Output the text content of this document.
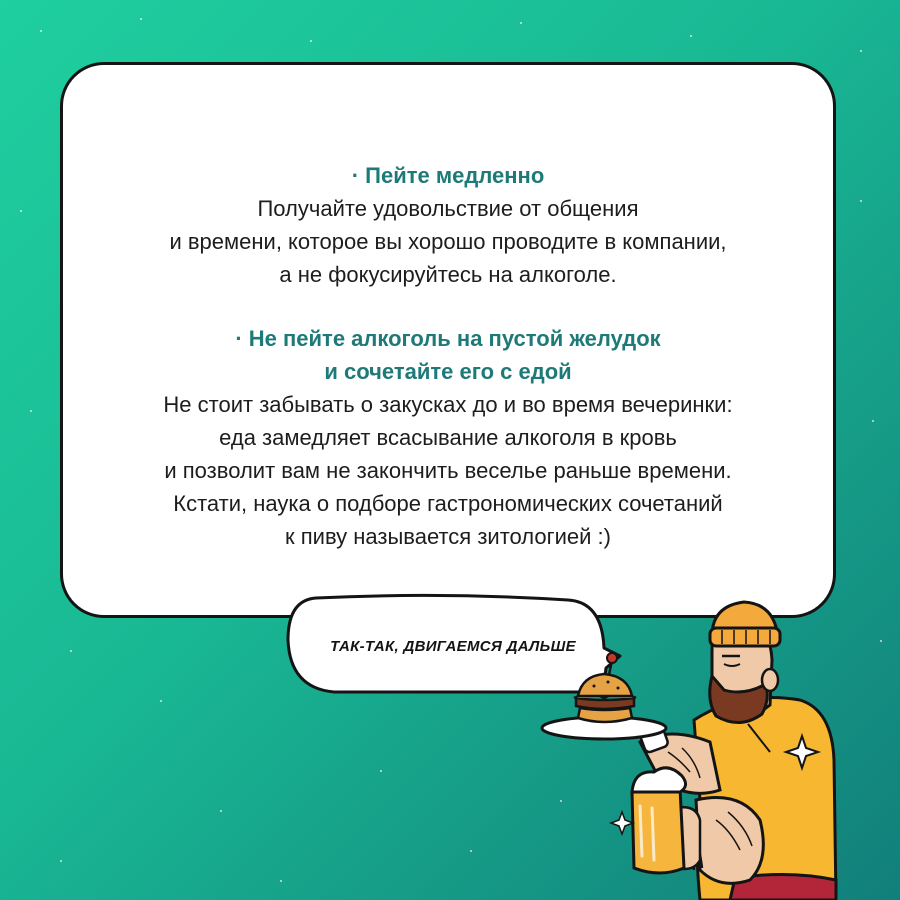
· Пейте медленно
Получайте удовольствие от общения
и времени, которое вы хорошо проводите в компании,
а не фокусируйтесь на алкоголе.
· Не пейте алкоголь на пустой желудок
и сочетайте его с едой
Не стоит забывать о закусках до и во время вечеринки:
еда замедляет всасывание алкоголя в кровь
и позволит вам не закончить веселье раньше времени.
Кстати, наука о подборе гастрономических сочетаний
к пиву называется зитологией :)
ТАК-ТАК, ДВИГАЕМСЯ ДАЛЬШЕ
